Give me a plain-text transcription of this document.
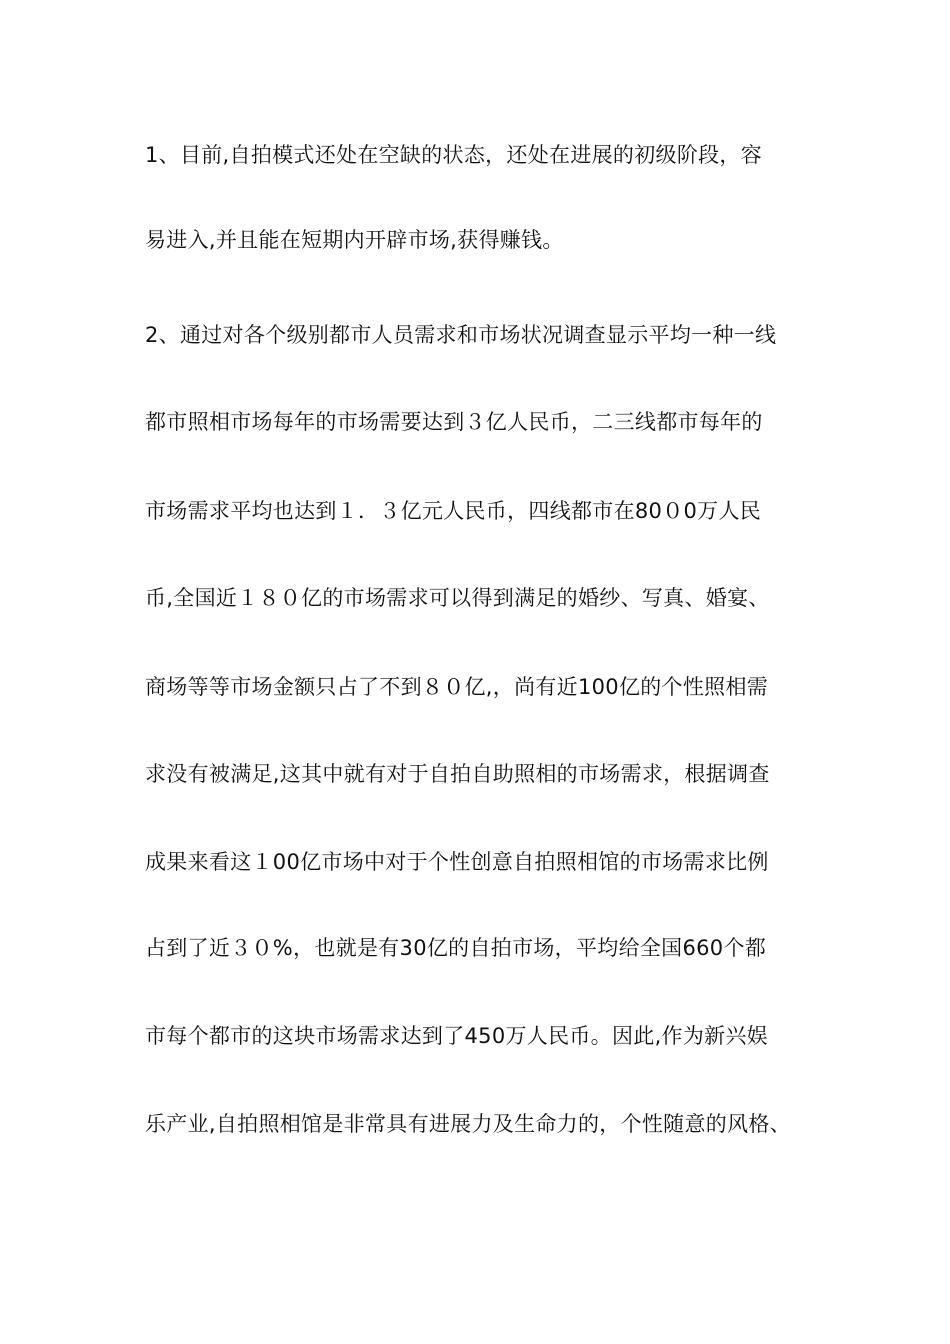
1、目前,自拍模式还处在空缺的状态，还处在进展的初级阶段，容
易进入,并且能在短期内开辟市场,获得赚钱。
2、通过对各个级别都市人员需求和市场状况调查显示平均一种一线
都市照相市场每年的市场需要达到３亿人民币，二三线都市每年的
市场需求平均也达到１．３亿元人民币，四线都市在80０0万人民
币,全国近１８０亿的市场需求可以得到满足的婚纱、写真、婚宴、
商场等等市场金额只占了不到８０亿,，尚有近100亿的个性照相需
求没有被满足,这其中就有对于自拍自助照相的市场需求，根据调查
成果来看这１00亿市场中对于个性创意自拍照相馆的市场需求比例
占到了近３０%，也就是有30亿的自拍市场，平均给全国660个都
市每个都市的这块市场需求达到了450万人民币。因此,作为新兴娱
乐产业,自拍照相馆是非常具有进展力及生命力的，个性随意的风格、
